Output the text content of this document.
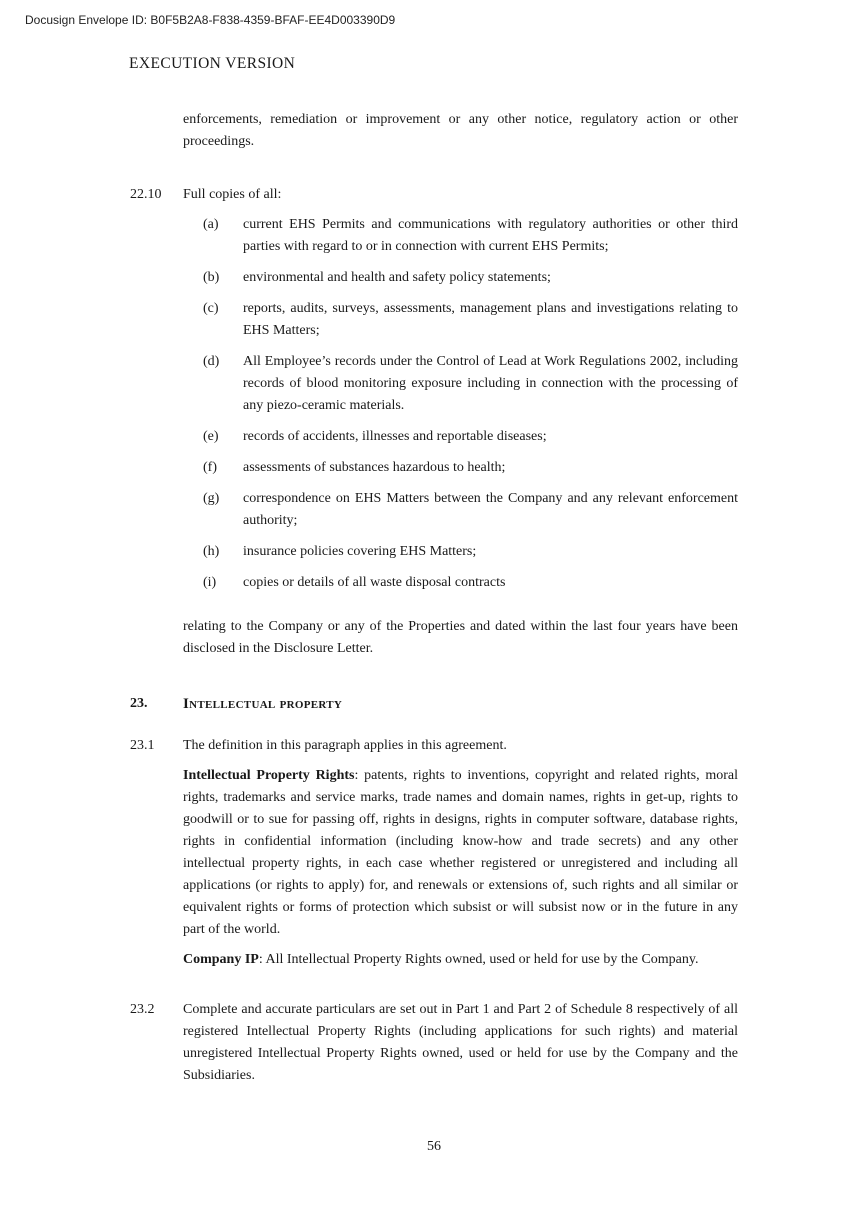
Docusign Envelope ID: B0F5B2A8-F838-4359-BFAF-EE4D003390D9
EXECUTION VERSION

enforcements, remediation or improvement or any other notice, regulatory action or other proceedings.

22.10 Full copies of all:
(a) current EHS Permits and communications with regulatory authorities or other third parties with regard to or in connection with current EHS Permits;
(b) environmental and health and safety policy statements;
(c) reports, audits, surveys, assessments, management plans and investigations relating to EHS Matters;
(d) All Employee’s records under the Control of Lead at Work Regulations 2002, including records of blood monitoring exposure including in connection with the processing of any piezo-ceramic materials.
(e) records of accidents, illnesses and reportable diseases;
(f) assessments of substances hazardous to health;
(g) correspondence on EHS Matters between the Company and any relevant enforcement authority;
(h) insurance policies covering EHS Matters;
(i) copies or details of all waste disposal contracts

relating to the Company or any of the Properties and dated within the last four years have been disclosed in the Disclosure Letter.

23. Intellectual property
23.1 The definition in this paragraph applies in this agreement.

Intellectual Property Rights: patents, rights to inventions, copyright and related rights, moral rights, trademarks and service marks, trade names and domain names, rights in get-up, rights to goodwill or to sue for passing off, rights in designs, rights in computer software, database rights, rights in confidential information (including know-how and trade secrets) and any other intellectual property rights, in each case whether registered or unregistered and including all applications (or rights to apply) for, and renewals or extensions of, such rights and all similar or equivalent rights or forms of protection which subsist or will subsist now or in the future in any part of the world.

Company IP: All Intellectual Property Rights owned, used or held for use by the Company.

23.2 Complete and accurate particulars are set out in Part 1 and Part 2 of Schedule 8 respectively of all registered Intellectual Property Rights (including applications for such rights) and material unregistered Intellectual Property Rights owned, used or held for use by the Company and the Subsidiaries.
56
